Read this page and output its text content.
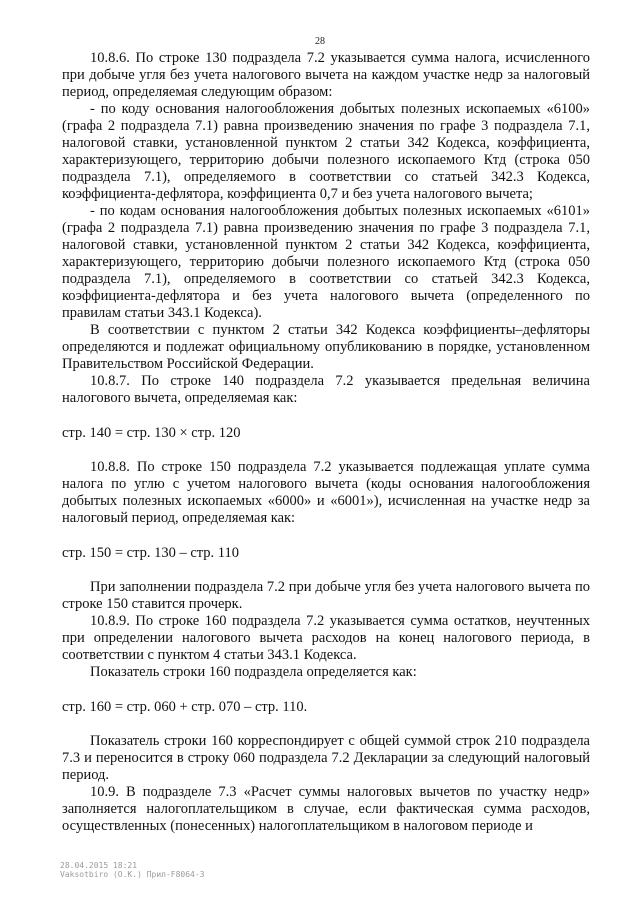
28

10.8.6. По строке 130 подраздела 7.2 указывается сумма налога, исчисленного при добыче угля без учета налогового вычета на каждом участке недр за налоговый период, определяемая следующим образом:

- по коду основания налогообложения добытых полезных ископаемых «6100» (графа 2 подраздела 7.1) равна произведению значения по графе 3 подраздела 7.1, налоговой ставки, установленной пунктом 2 статьи 342 Кодекса, коэффициента, характеризующего, территорию добычи полезного ископаемого Ктд (строка 050 подраздела 7.1), определяемого в соответствии со статьей 342.3 Кодекса, коэффициента-дефлятора, коэффициента 0,7 и без учета налогового вычета;

- по кодам основания налогообложения добытых полезных ископаемых «6101» (графа 2 подраздела 7.1) равна произведению значения по графе 3 подраздела 7.1, налоговой ставки, установленной пунктом 2 статьи 342 Кодекса, коэффициента, характеризующего, территорию добычи полезного ископаемого Ктд (строка 050 подраздела 7.1), определяемого в соответствии со статьей 342.3 Кодекса, коэффициента-дефлятора и без учета налогового вычета (определенного по правилам статьи 343.1 Кодекса).

В соответствии с пунктом 2 статьи 342 Кодекса коэффициенты–дефляторы определяются и подлежат официальному опубликованию в порядке, установленном Правительством Российской Федерации.

10.8.7. По строке 140 подраздела 7.2 указывается предельная величина налогового вычета, определяемая как:

стр. 140 = стр. 130 × стр. 120

10.8.8. По строке 150 подраздела 7.2 указывается подлежащая уплате сумма налога по углю с учетом налогового вычета (коды основания налогообложения добытых полезных ископаемых «6000» и «6001»), исчисленная на участке недр за налоговый период, определяемая как:

стр. 150 = стр. 130 – стр. 110

При заполнении подраздела 7.2 при добыче угля без учета налогового вычета по строке 150 ставится прочерк.

10.8.9. По строке 160 подраздела 7.2 указывается сумма остатков, неучтенных при определении налогового вычета расходов на конец налогового периода, в соответствии с пунктом 4 статьи 343.1 Кодекса.

Показатель строки 160 подраздела определяется как:

стр. 160 = стр. 060 + стр. 070 – стр. 110.

Показатель строки 160 корреспондирует с общей суммой строк 210 подраздела 7.3 и переносится в строку 060 подраздела 7.2 Декларации за следующий налоговый период.

10.9. В подразделе 7.3 «Расчет суммы налоговых вычетов по участку недр» заполняется налогоплательщиком в случае, если фактическая сумма расходов, осуществленных (понесенных) налогоплательщиком в налоговом периоде и

28.04.2015 18:21
Vaksotbiro (O.K.) Прил-F8064-3
